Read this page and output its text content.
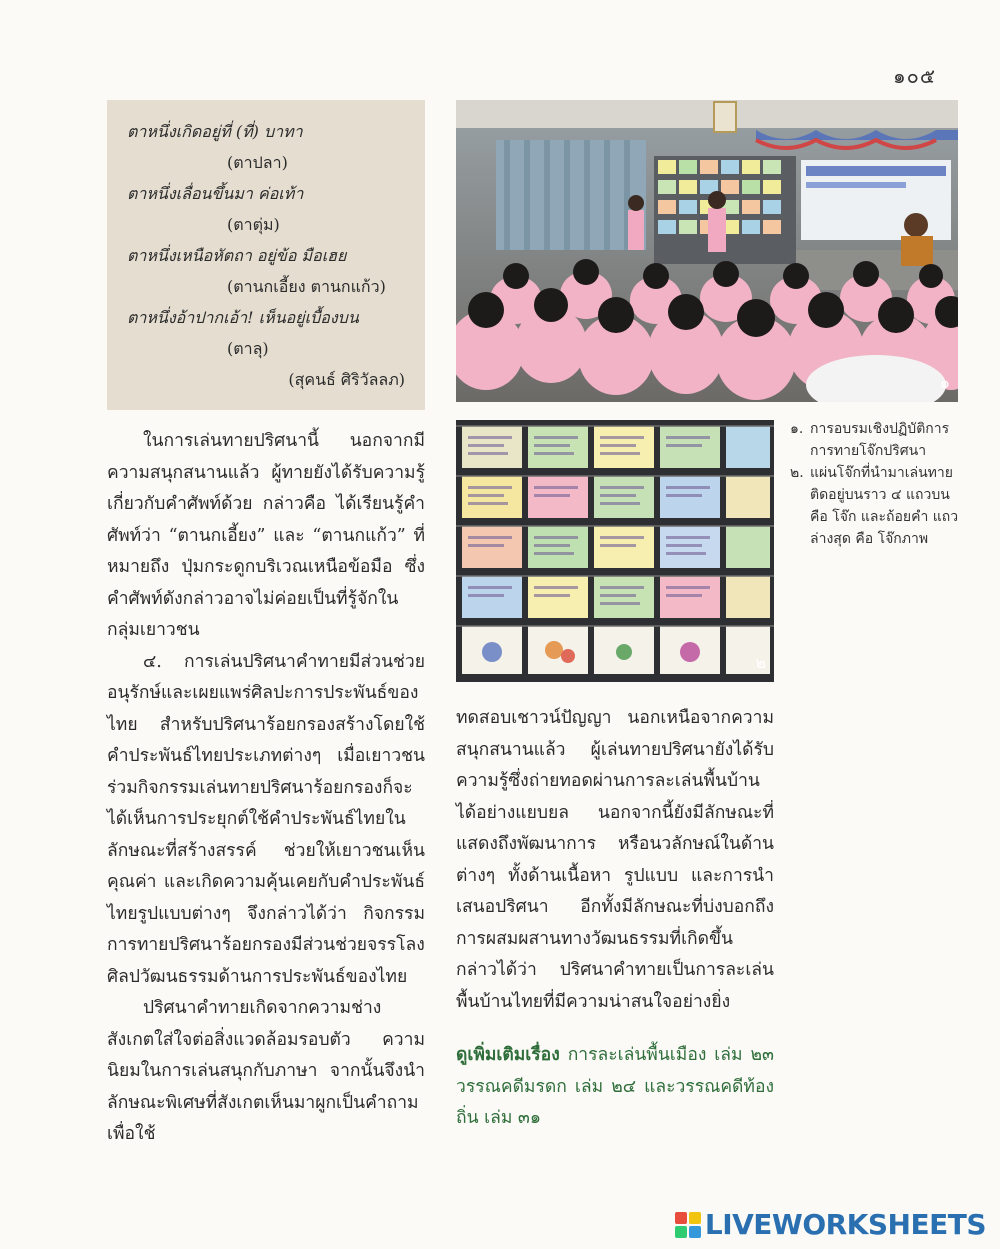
๑๐๕
ตาหนึ่งเกิดอยู่ที่ (ที่) บาทา
(ตาปลา)
ตาหนึ่งเลื่อนขึ้นมา ค่อเท้า
(ตาตุ่ม)
ตาหนึ่งเหนือหัตถา อยู่ข้อ มือเฮย
(ตานกเอี้ยง ตานกแก้ว)
ตาหนึ่งอ้าปากเอ้า! เห็นอยู่เบื้องบน
(ตาลุ)
(สุคนธ์ ศิริวัลลภ)	๑
๒
๑. การอบรมเชิงปฏิบัติการการทายโจ๊กปริศนา
๒. แผ่นโจ๊กที่นำมาเล่นทายติดอยู่บนราว ๔ แถวบน คือ โจ๊ก และถ้อยคำ แถวล่างสุด คือ โจ๊กภาพ

ในการเล่นทายปริศนานี้ นอกจากมีความสนุกสนานแล้ว ผู้ทายยังได้รับความรู้เกี่ยวกับคำศัพท์ด้วย กล่าวคือ ได้เรียนรู้คำศัพท์ว่า “ตานกเอี้ยง” และ “ตานกแก้ว” ที่หมายถึง ปุ่มกระดูกบริเวณเหนือข้อมือ ซึ่งคำศัพท์ดังกล่าวอาจไม่ค่อยเป็นที่รู้จักในกลุ่มเยาวชน

๔. การเล่นปริศนาคำทายมีส่วนช่วยอนุรักษ์และเผยแพร่ศิลปะการประพันธ์ของไทย สำหรับปริศนาร้อยกรองสร้างโดยใช้คำประพันธ์ไทยประเภทต่างๆ เมื่อเยาวชนร่วมกิจกรรมเล่นทายปริศนาร้อยกรองก็จะได้เห็นการประยุกต์ใช้คำประพันธ์ไทยในลักษณะที่สร้างสรรค์ ช่วยให้เยาวชนเห็นคุณค่า และเกิดความคุ้นเคยกับคำประพันธ์ไทยรูปแบบต่างๆ จึงกล่าวได้ว่า กิจกรรมการทายปริศนาร้อยกรองมีส่วนช่วยจรรโลงศิลปวัฒนธรรมด้านการประพันธ์ของไทย

ปริศนาคำทายเกิดจากความช่างสังเกตใส่ใจต่อสิ่งแวดล้อมรอบตัว ความนิยมในการเล่นสนุกกับภาษา จากนั้นจึงนำลักษณะพิเศษที่สังเกตเห็นมาผูกเป็นคำถาม เพื่อใช้

ทดสอบเชาวน์ปัญญา นอกเหนือจากความสนุกสนานแล้ว ผู้เล่นทายปริศนายังได้รับความรู้ซึ่งถ่ายทอดผ่านการละเล่นพื้นบ้านได้อย่างแยบยล นอกจากนี้ยังมีลักษณะที่แสดงถึงพัฒนาการ หรือนวลักษณ์ในด้านต่างๆ ทั้งด้านเนื้อหา รูปแบบ และการนำเสนอปริศนา อีกทั้งมีลักษณะที่บ่งบอกถึงการผสมผสานทางวัฒนธรรมที่เกิดขึ้น กล่าวได้ว่า ปริศนาคำทายเป็นการละเล่นพื้นบ้านไทยที่มีความน่าสนใจอย่างยิ่ง

ดูเพิ่มเติมเรื่อง การละเล่นพื้นเมือง เล่ม ๒๓ วรรณคดีมรดก เล่ม ๒๔ และวรรณคดีท้องถิ่น เล่ม ๓๑

LIVEWORKSHEETS
